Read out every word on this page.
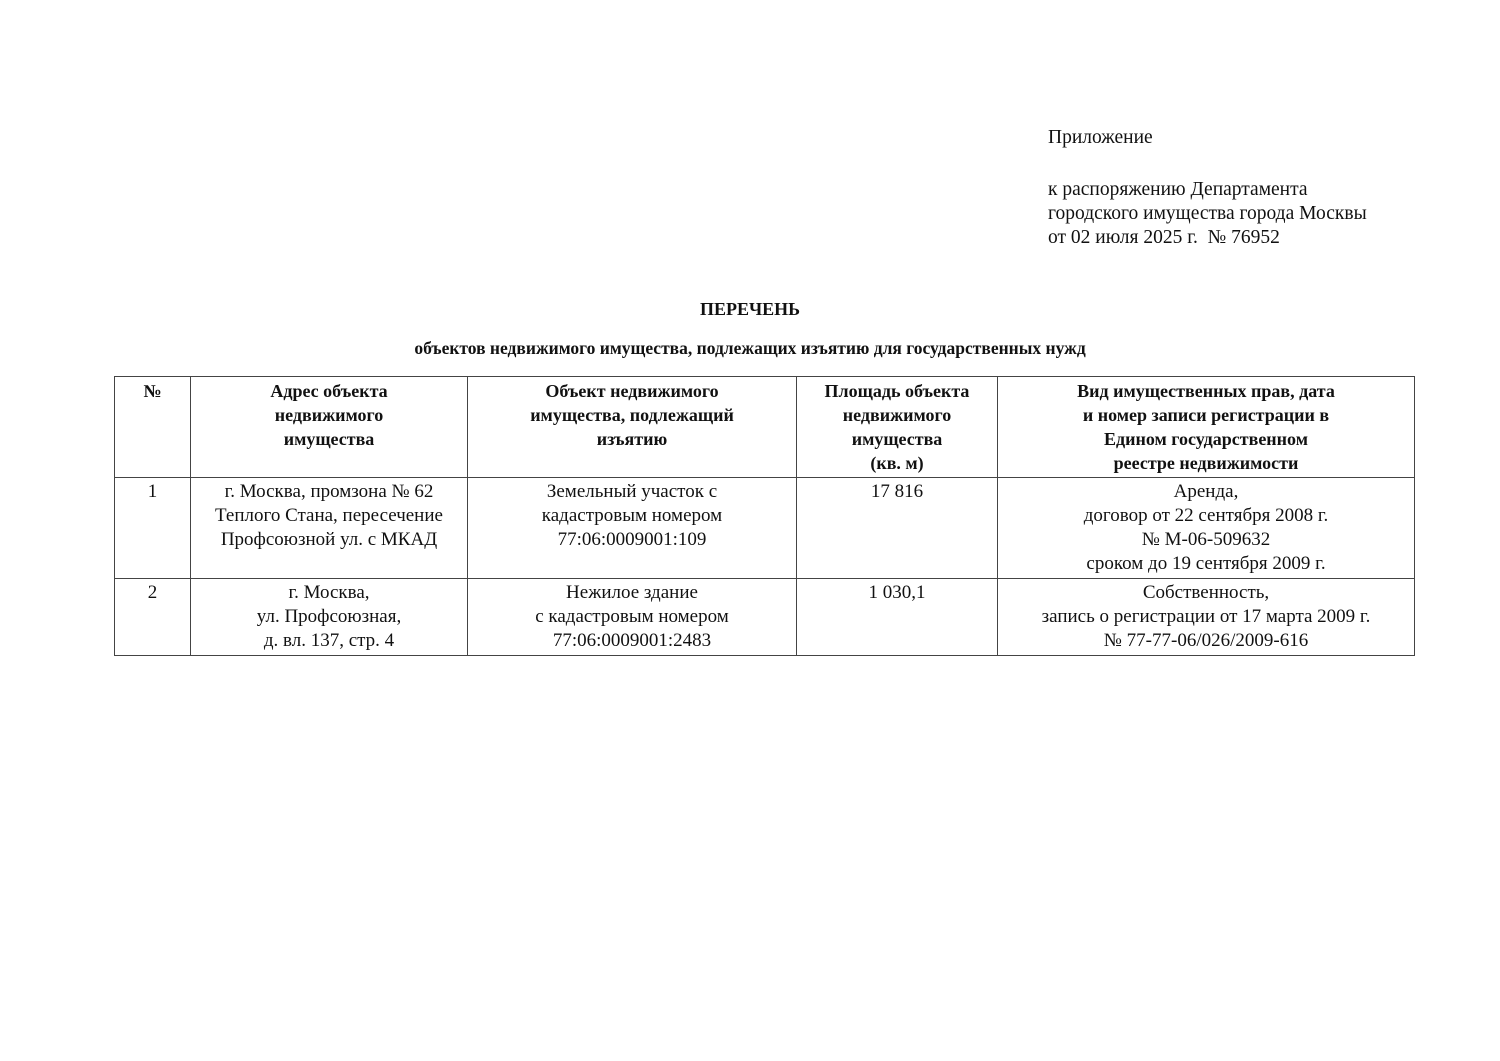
Приложение
к распоряжению Департамента
городского имущества города Москвы
от 02 июля 2025 г.  № 76952
ПЕРЕЧЕНЬ
объектов недвижимого имущества, подлежащих изъятию для государственных нужд
№	Адрес объекта
недвижимого
имущества	Объект недвижимого
имущества, подлежащий
изъятию	Площадь объекта
недвижимого
имущества
(кв. м)	Вид имущественных прав, дата
и номер записи регистрации в
Едином государственном
реестре недвижимости

1	г. Москва, промзона № 62
Теплого Стана, пересечение
Профсоюзной ул. с МКАД	Земельный участок с
кадастровым номером
77:06:0009001:109	17 816	Аренда,
договор от 22 сентября 2008 г.
№ М-06-509632
сроком до 19 сентября 2009 г.

2	г. Москва,
ул. Профсоюзная,
д. вл. 137, стр. 4	Нежилое здание
с кадастровым номером
77:06:0009001:2483	1 030,1	Собственность,
запись о регистрации от 17 марта 2009 г.
№ 77-77-06/026/2009-616
